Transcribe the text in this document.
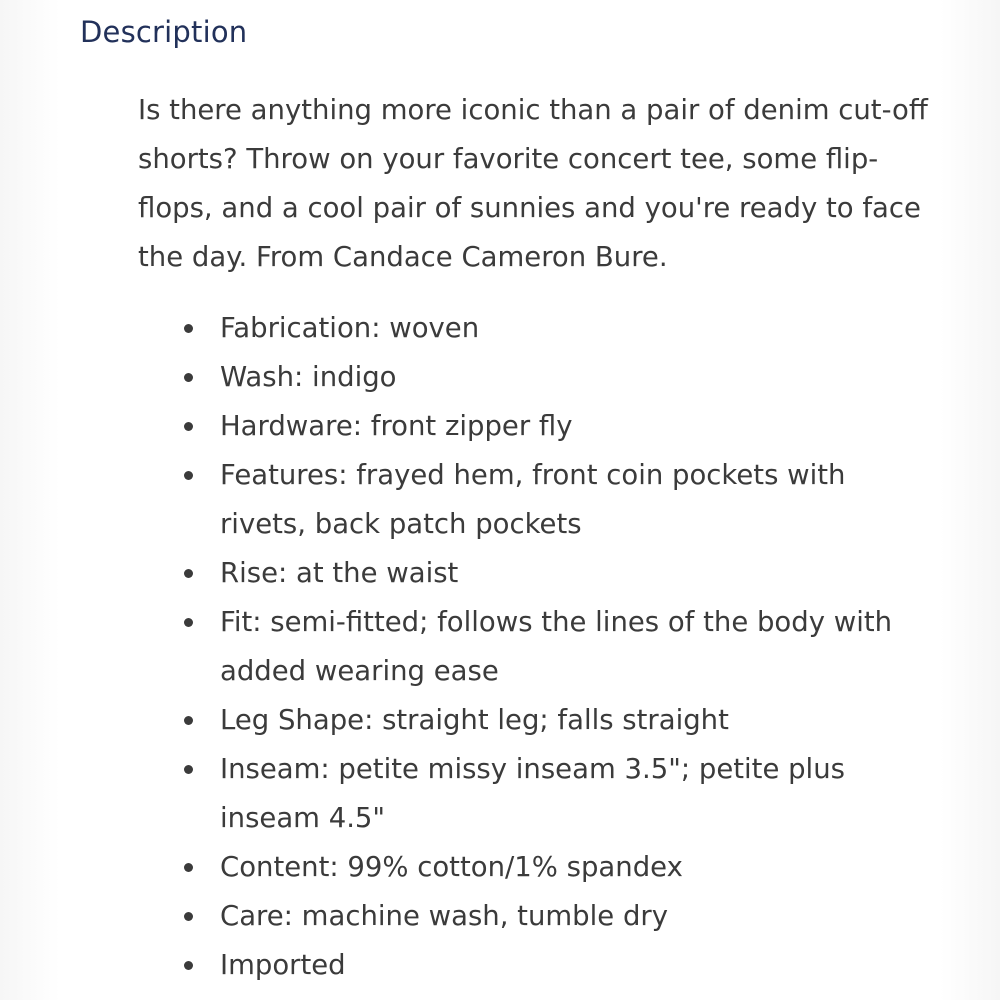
Description

Is there anything more iconic than a pair of denim cut-off shorts? Throw on your favorite concert tee, some flip-flops, and a cool pair of sunnies and you're ready to face the day. From Candace Cameron Bure.

Fabrication: woven
Wash: indigo
Hardware: front zipper fly
Features: frayed hem, front coin pockets with rivets, back patch pockets
Rise: at the waist
Fit: semi-fitted; follows the lines of the body with added wearing ease
Leg Shape: straight leg; falls straight
Inseam: petite missy inseam 3.5"; petite plus inseam 4.5"
Content: 99% cotton/1% spandex
Care: machine wash, tumble dry
Imported
